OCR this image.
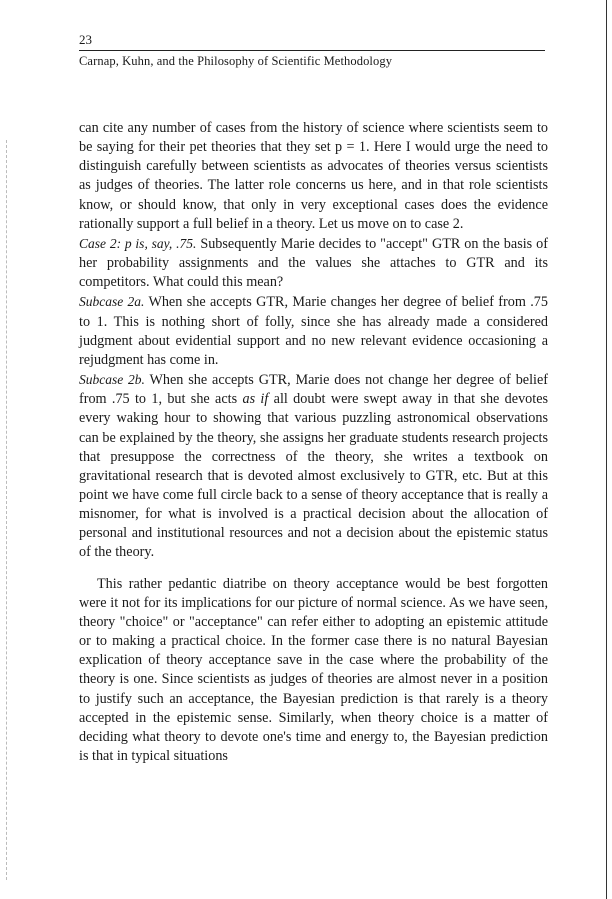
23
Carnap, Kuhn, and the Philosophy of Scientific Methodology

can cite any number of cases from the history of science where scientists seem to be saying for their pet theories that they set p = 1. Here I would urge the need to distinguish carefully between scientists as advocates of theories versus scientists as judges of theories. The latter role concerns us here, and in that role scientists know, or should know, that only in very exceptional cases does the evidence rationally support a full belief in a theory. Let us move on to case 2.

Case 2: p is, say, .75. Subsequently Marie decides to "accept" GTR on the basis of her probability assignments and the values she attaches to GTR and its competitors. What could this mean?

Subcase 2a. When she accepts GTR, Marie changes her degree of belief from .75 to 1. This is nothing short of folly, since she has already made a considered judgment about evidential support and no new relevant evidence occasioning a rejudgment has come in.

Subcase 2b. When she accepts GTR, Marie does not change her degree of belief from .75 to 1, but she acts as if all doubt were swept away in that she devotes every waking hour to showing that various puzzling astronomical observations can be explained by the theory, she assigns her graduate students research projects that presuppose the correctness of the theory, she writes a textbook on gravitational research that is devoted almost exclusively to GTR, etc. But at this point we have come full circle back to a sense of theory acceptance that is really a misnomer, for what is involved is a practical decision about the allocation of personal and institutional resources and not a decision about the epistemic status of the theory.

This rather pedantic diatribe on theory acceptance would be best forgotten were it not for its implications for our picture of normal science. As we have seen, theory "choice" or "acceptance" can refer either to adopting an epistemic attitude or to making a practical choice. In the former case there is no natural Bayesian explication of theory acceptance save in the case where the probability of the theory is one. Since scientists as judges of theories are almost never in a position to justify such an acceptance, the Bayesian prediction is that rarely is a theory accepted in the epistemic sense. Similarly, when theory choice is a matter of deciding what theory to devote one's time and energy to, the Bayesian prediction is that in typical situations
